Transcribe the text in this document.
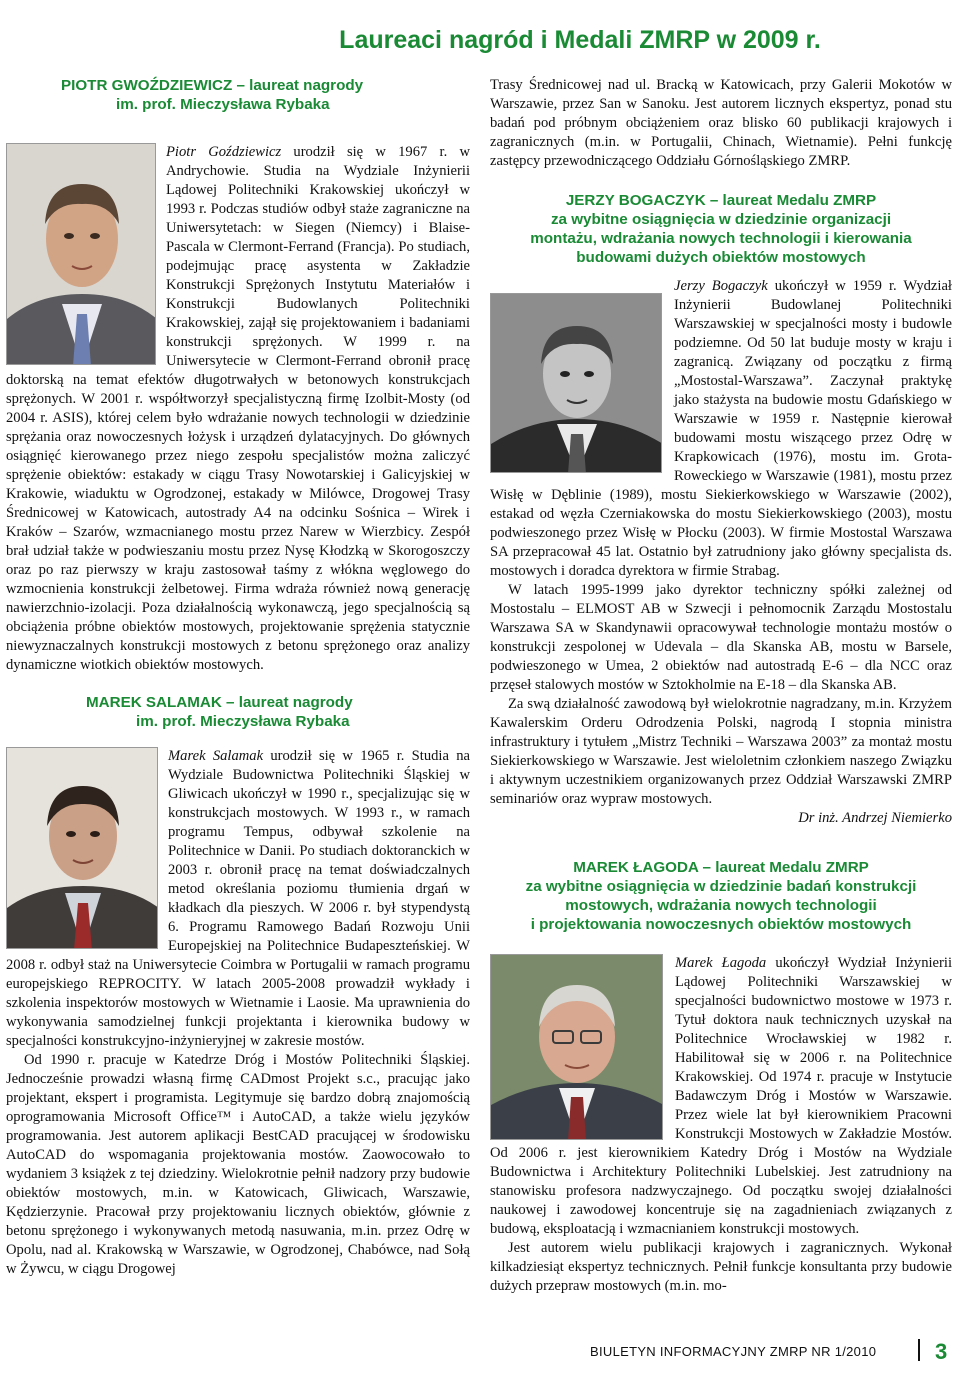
Laureaci nagród i Medali ZMRP w 2009 r.
PIOTR GWOŹDZIEWICZ – laureat nagrody
im. prof. Mieczysława Rybaka

Piotr Goździewicz urodził się w 1967 r. w Andrychowie. Studia na Wydziale Inżynierii Lądowej Politechniki Krakowskiej ukończył w 1993 r. Podczas studiów odbył staże zagraniczne na Uniwersytetach: w Siegen (Niemcy) i Blaise-Pascala w Clermont-Ferrand (Francja). Po studiach, podejmując pracę asystenta w Zakładzie Konstrukcji Sprężonych Instytutu Materiałów i Konstrukcji Budowlanych Politechniki Krakowskiej, zajął się projektowaniem i badaniami konstrukcji sprężonych. W 1999 r. na Uniwersytecie w Clermont-Ferrand obronił pracę doktorską na temat efektów długotrwałych w betonowych konstrukcjach sprężonych. W 2001 r. współtworzył specjalistyczną firmę Izolbit-Mosty (od 2004 r. ASIS), której celem było wdrażanie nowych technologii w dziedzinie sprężania oraz nowoczesnych łożysk i urządzeń dylatacyjnych. Do głównych osiągnięć kierowanego przez niego zespołu specjalistów można zaliczyć sprężenie obiektów: estakady w ciągu Trasy Nowotarskiej i Galicyjskiej w Krakowie, wiaduktu w Ogrodzonej, estakady w Milówce, Drogowej Trasy Średnicowej w Katowicach, autostrady A4 na odcinku Sośnica – Wirek i Kraków – Szarów, wzmacnianego mostu przez Narew w Wierzbicy. Zespół brał udział także w podwieszaniu mostu przez Nysę Kłodzką w Skorogoszczy oraz po raz pierwszy w kraju zastosował taśmy z włókna węglowego do wzmocnienia konstrukcji żelbetowej. Firma wdraża również nową generację nawierzchnio-izolacji. Poza działalnością wykonawczą, jego specjalnością są obciążenia próbne obiektów mostowych, projektowanie sprężenia statycznie niewyznaczalnych konstrukcji mostowych z betonu sprężonego oraz analizy dynamiczne wiotkich obiektów mostowych.

MAREK SALAMAK – laureat nagrody
im. prof. Mieczysława Rybaka

Marek Salamak urodził się w 1965 r. Studia na Wydziale Budownictwa Politechniki Śląskiej w Gliwicach ukończył w 1990 r., specjalizując się w konstrukcjach mostowych. W 1993 r., w ramach programu Tempus, odbywał szkolenie na Politechnice w Danii. Po studiach doktoranckich w 2003 r. obronił pracę na temat doświadczalnych metod określania poziomu tłumienia drgań w kładkach dla pieszych. W 2006 r. był stypendystą 6. Programu Ramowego Badań Rozwoju Unii Europejskiej na Politechnice Budapeszteńskiej. W 2008 r. odbył staż na Uniwersytecie Coimbra w Portugalii w ramach programu europejskiego REPROCITY. W latach 2005-2008 prowadził wykłady i szkolenia inspektorów mostowych w Wietnamie i Laosie. Ma uprawnienia do wykonywania samodzielnej funkcji projektanta i kierownika budowy w specjalności konstrukcyjno-inżynieryjnej w zakresie mostów.

Od 1990 r. pracuje w Katedrze Dróg i Mostów Politechniki Śląskiej. Jednocześnie prowadzi własną firmę CADmost Projekt s.c., pracując jako projektant, ekspert i programista. Legitymuje się bardzo dobrą znajomością oprogramowania Microsoft Office™ i AutoCAD, a także wielu języków programowania. Jest autorem aplikacji BestCAD pracującej w środowisku AutoCAD do wspomagania projektowania mostów. Zaowocowało to wydaniem 3 książek z tej dziedziny. Wielokrotnie pełnił nadzory przy budowie obiektów mostowych, m.in. w Katowicach, Gliwicach, Warszawie, Kędzierzynie. Pracował przy projektowaniu licznych obiektów, głównie z betonu sprężonego i wykonywanych metodą nasuwania, m.in. przez Odrę w Opolu, nad al. Krakowską w Warszawie, w Ogrodzonej, Chabówce, nad Sołą w Żywcu, w ciągu Drogowej

Trasy Średnicowej nad ul. Bracką w Katowicach, przy Galerii Mokotów w Warszawie, przez San w Sanoku. Jest autorem licznych ekspertyz, ponad stu badań pod próbnym obciążeniem oraz blisko 60 publikacji krajowych i zagranicznych (m.in. w Portugalii, Chinach, Wietnamie). Pełni funkcję zastępcy przewodniczącego Oddziału Górnośląskiego ZMRP.

JERZY BOGACZYK – laureat Medalu ZMRP
za wybitne osiągnięcia w dziedzinie organizacji
montażu, wdrażania nowych technologii i kierowania
budowami dużych obiektów mostowych

Jerzy Bogaczyk ukończył w 1959 r. Wydział Inżynierii Budowlanej Politechniki Warszawskiej w specjalności mosty i budowle podziemne. Od 50 lat buduje mosty w kraju i zagranicą. Związany od początku z firmą „Mostostal-Warszawa”. Zaczynał praktykę jako stażysta na budowie mostu Gdańskiego w Warszawie w 1959 r. Następnie kierował budowami mostu wiszącego przez Odrę w Krapkowicach (1976), mostu im. Grota-Roweckiego w Warszawie (1981), mostu przez Wisłę w Dęblinie (1989), mostu Siekierkowskiego w Warszawie (2002), estakad od węzła Czerniakowska do mostu Siekierkowskiego (2003), mostu podwieszonego przez Wisłę w Płocku (2003). W firmie Mostostal Warszawa SA przepracował 45 lat. Ostatnio był zatrudniony jako główny specjalista ds. mostowych i doradca dyrektora w firmie Strabag.

W latach 1995-1999 jako dyrektor techniczny spółki zależnej od Mostostalu – ELMOST AB w Szwecji i pełnomocnik Zarządu Mostostalu Warszawa SA w Skandynawii opracowywał technologie montażu mostów o konstrukcji zespolonej w Udevala – dla Skanska AB, mostu w Barsele, podwieszonego w Umea, 2 obiektów nad autostradą E-6 – dla NCC oraz przęseł stalowych mostów w Sztokholmie na E-18 – dla Skanska AB.

Za swą działalność zawodową był wielokrotnie nagradzany, m.in. Krzyżem Kawalerskim Orderu Odrodzenia Polski, nagrodą I stopnia ministra infrastruktury i tytułem „Mistrz Techniki – Warszawa 2003” za montaż mostu Siekierkowskiego w Warszawie. Jest wieloletnim członkiem naszego Związku i aktywnym uczestnikiem organizowanych przez Oddział Warszawski ZMRP seminariów oraz wypraw mostowych.

Dr inż. Andrzej Niemierko

MAREK ŁAGODA – laureat Medalu ZMRP
za wybitne osiągnięcia w dziedzinie badań konstrukcji
mostowych, wdrażania nowych technologii
i projektowania nowoczesnych obiektów mostowych

Marek Łagoda ukończył Wydział Inżynierii Lądowej Politechniki Warszawskiej w specjalności budownictwo mostowe w 1973 r. Tytuł doktora nauk technicznych uzyskał na Politechnice Wrocławskiej w 1982 r. Habilitował się w 2006 r. na Politechnice Krakowskiej. Od 1974 r. pracuje w Instytucie Badawczym Dróg i Mostów w Warszawie. Przez wiele lat był kierownikiem Pracowni Konstrukcji Mostowych w Zakładzie Mostów. Od 2006 r. jest kierownikiem Katedry Dróg i Mostów na Wydziale Budownictwa i Architektury Politechniki Lubelskiej. Jest zatrudniony na stanowisku profesora nadzwyczajnego. Od początku swojej działalności naukowej i zawodowej koncentruje się na zagadnieniach związanych z budową, eksploatacją i wzmacnianiem konstrukcji mostowych.

Jest autorem wielu publikacji krajowych i zagranicznych. Wykonał kilkadziesiąt ekspertyz technicznych. Pełnił funkcje konsultanta przy budowie dużych przepraw mostowych (m.in. mo-

BIULETYN INFORMACYJNY ZMRP NR 1/2010	3
